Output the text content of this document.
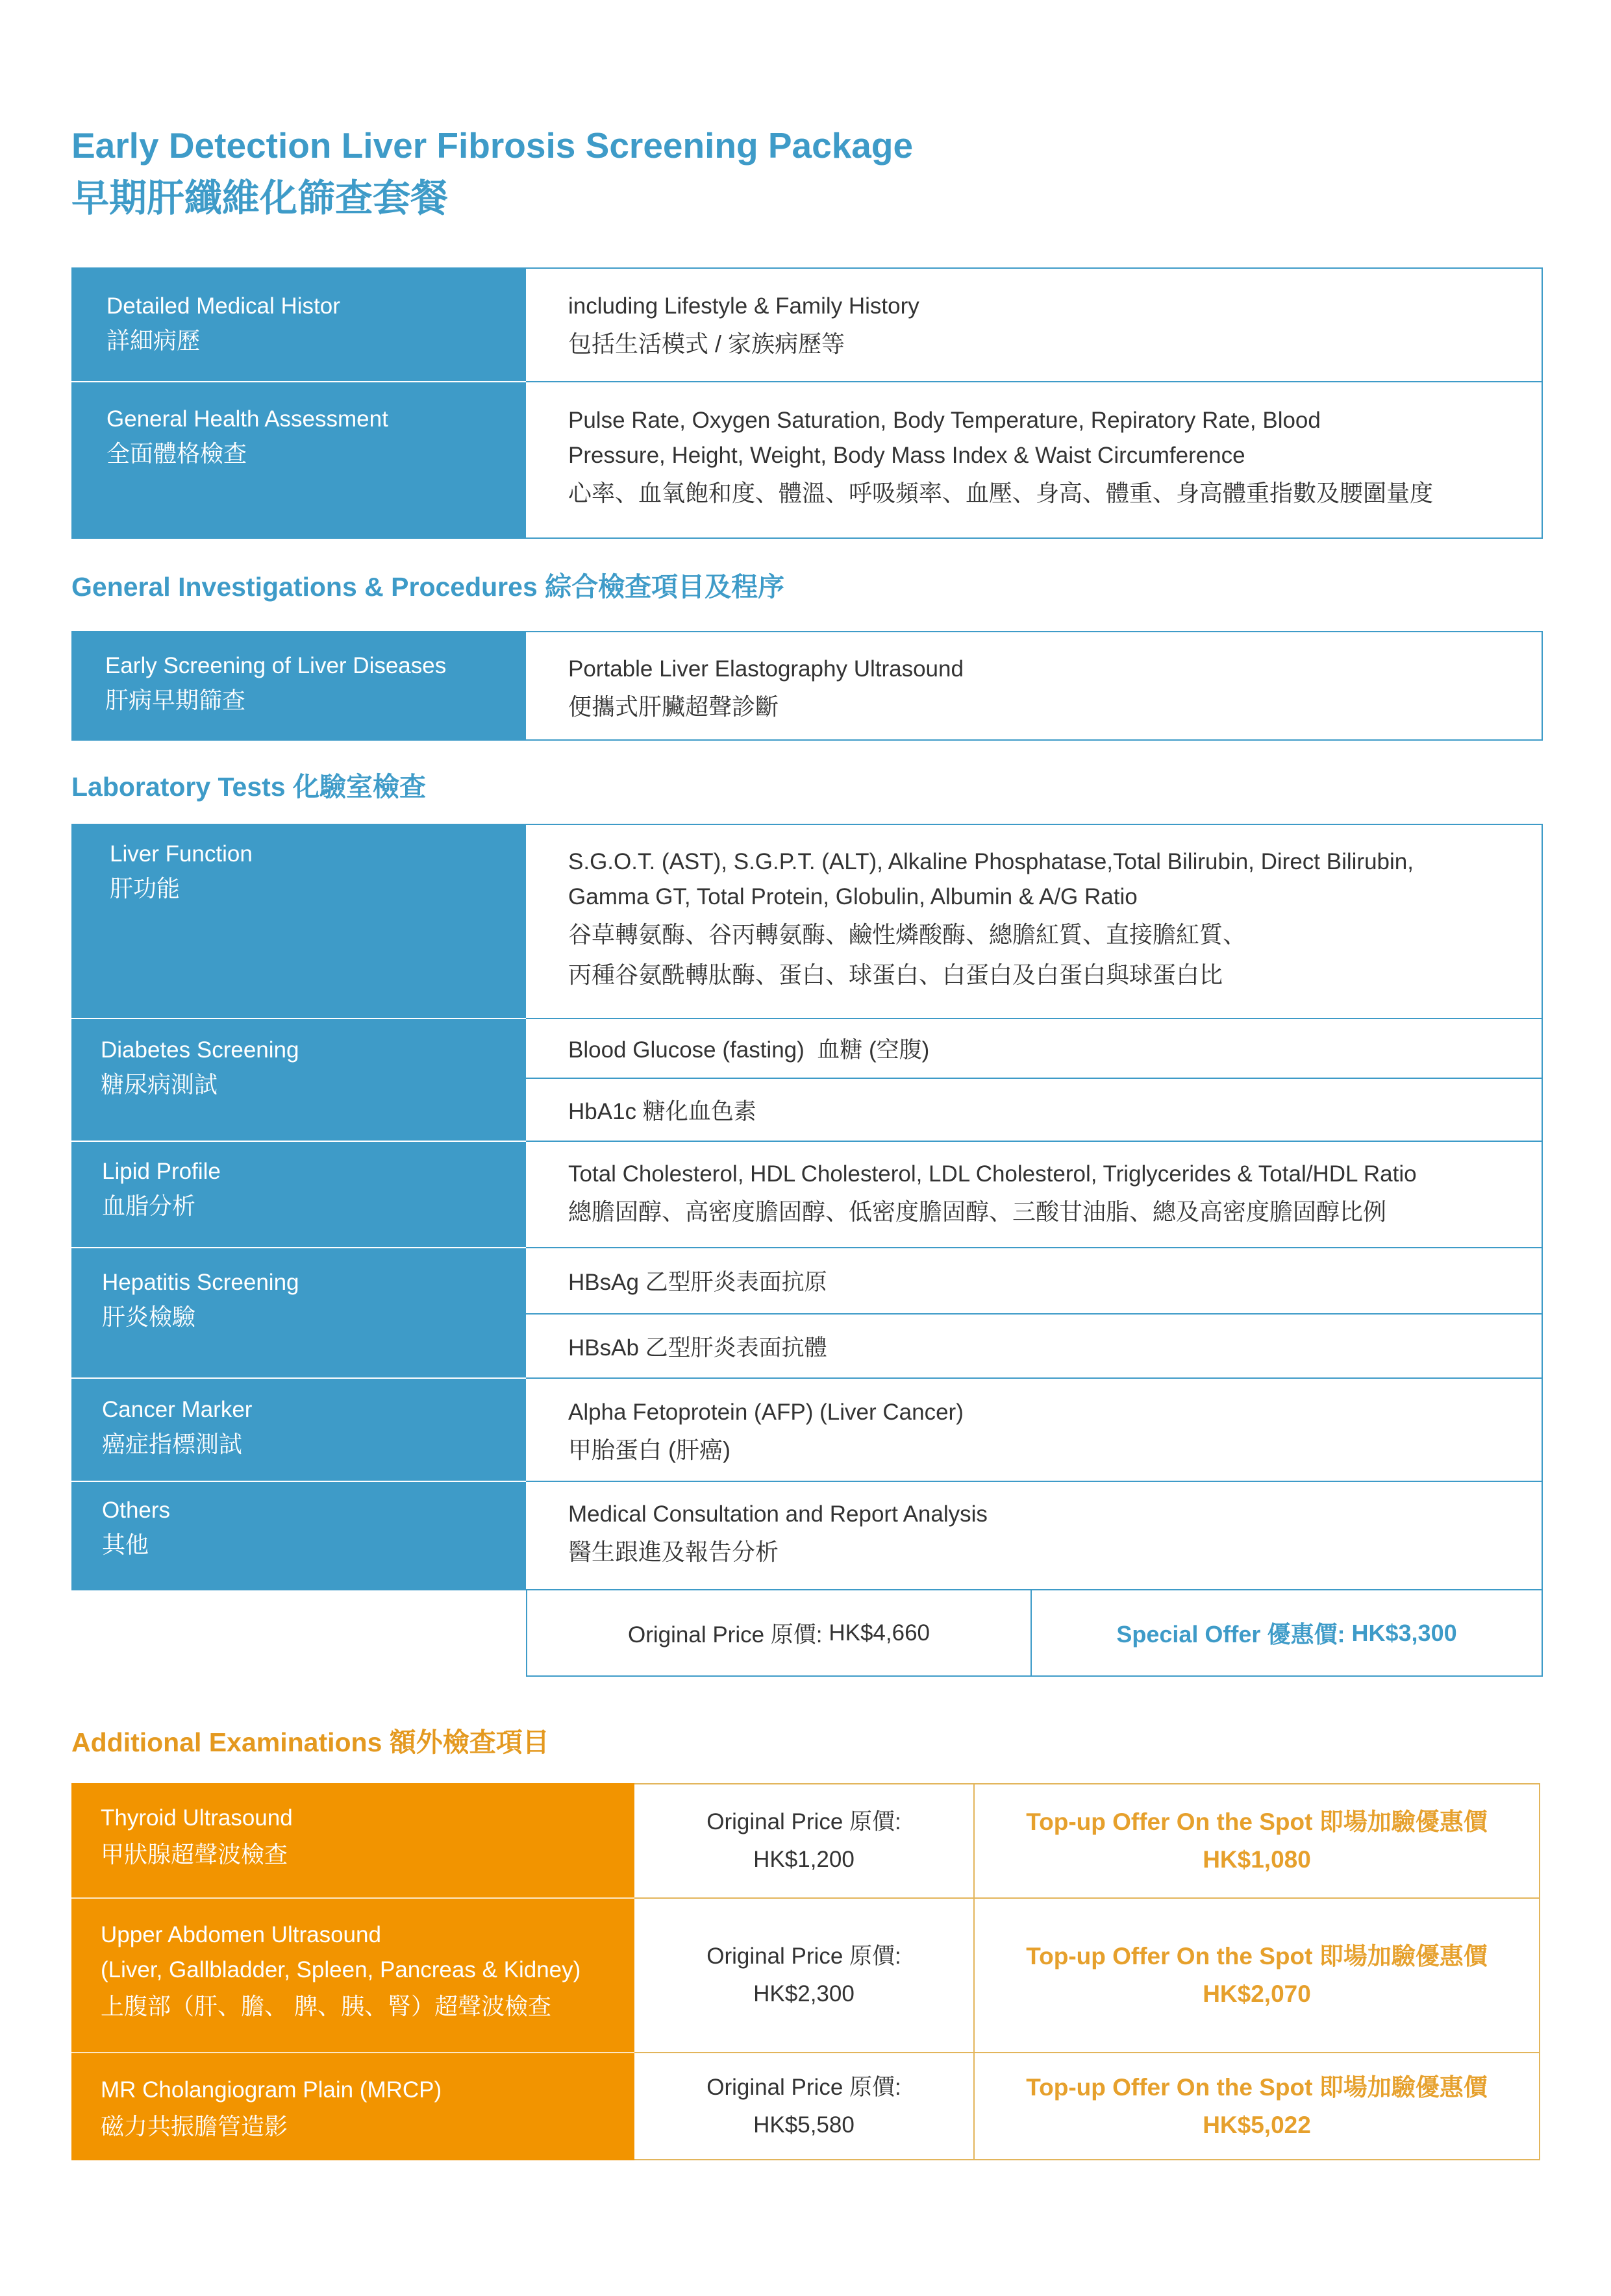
Early Detection Liver Fibrosis Screening Package
早期肝纖維化篩查套餐
Detailed Medical Histor
詳細病歷
including Lifestyle & Family History
包括生活模式 / 家族病歷等
General Health Assessment
全面體格檢查
Pulse Rate, Oxygen Saturation, Body Temperature, Repiratory Rate, Blood
Pressure, Height, Weight, Body Mass Index & Waist Circumference
心率、血氧飽和度、體溫、呼吸頻率、血壓、身高、體重、身高體重指數及腰圍量度
General Investigations & Procedures 綜合檢查項目及程序
Early Screening of Liver Diseases
肝病早期篩查
Portable Liver Elastography Ultrasound
便攜式肝臟超聲診斷
Laboratory Tests 化驗室檢查
Liver Function
肝功能
S.G.O.T. (AST), S.G.P.T. (ALT), Alkaline Phosphatase,Total Bilirubin, Direct Bilirubin,
Gamma GT, Total Protein, Globulin, Albumin & A/G Ratio
谷草轉氨酶、谷丙轉氨酶、鹼性燐酸酶、總膽紅質、直接膽紅質、
丙種谷氨酰轉肽酶、蛋白、球蛋白、白蛋白及白蛋白與球蛋白比
Diabetes Screening
糖尿病測試
Blood Glucose (fasting)  血糖 (空腹)
HbA1c 糖化血色素
Lipid Profile
血脂分析
Total Cholesterol, HDL Cholesterol, LDL Cholesterol, Triglycerides & Total/HDL Ratio
總膽固醇、高密度膽固醇、低密度膽固醇、三酸甘油脂、總及高密度膽固醇比例
Hepatitis Screening
肝炎檢驗
HBsAg 乙型肝炎表面抗原
HBsAb 乙型肝炎表面抗體
Cancer Marker
癌症指標測試
Alpha Fetoprotein (AFP) (Liver Cancer)
甲胎蛋白 (肝癌)
Others
其他
Medical Consultation and Report Analysis
醫生跟進及報告分析
Original Price 原價: HK$4,660	Special Offer 優惠價: HK$3,300
Additional Examinations 額外檢查項目
Thyroid Ultrasound
甲狀腺超聲波檢查
Original Price 原價:
HK$1,200
Top-up Offer On the Spot 即場加驗優惠價
HK$1,080
Upper Abdomen Ultrasound
(Liver, Gallbladder, Spleen, Pancreas & Kidney)
上腹部（肝、膽、 脾、胰、腎）超聲波檢查
Original Price 原價:
HK$2,300
Top-up Offer On the Spot 即場加驗優惠價
HK$2,070
MR Cholangiogram Plain (MRCP)
磁力共振膽管造影
Original Price 原價:
HK$5,580
Top-up Offer On the Spot 即場加驗優惠價
HK$5,022
